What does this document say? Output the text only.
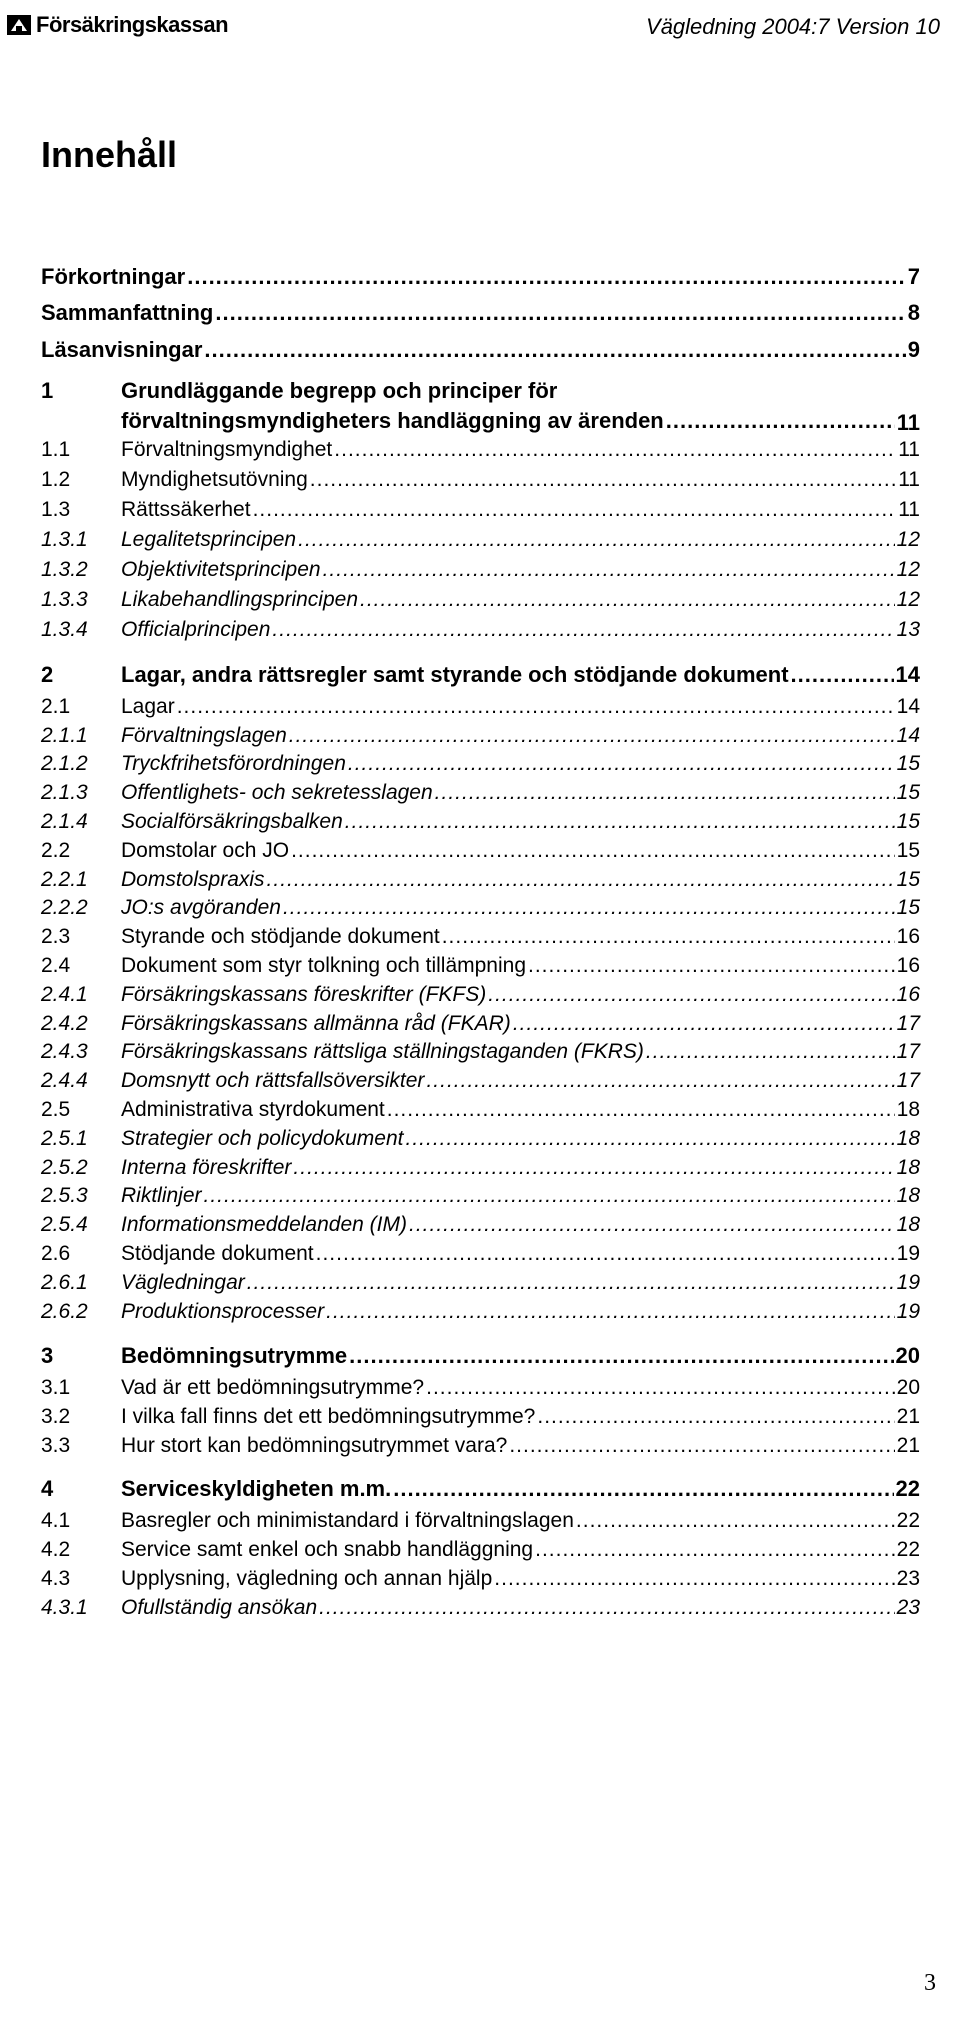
Försäkringskassan	Vägledning 2004:7 Version 10
Innehåll
Förkortningar .....	7
Sammanfattning .....	8
Läsanvisningar .....	9
1	Grundläggande begrepp och principer för
förvaltningsmyndigheters handläggning av ärenden .....	11
1.1	Förvaltningsmyndighet .....	11
1.2	Myndighetsutövning .....	11
1.3	Rättssäkerhet .....	11
1.3.1	Legalitetsprincipen .....	12
1.3.2	Objektivitetsprincipen .....	12
1.3.3	Likabehandlingsprincipen .....	12
1.3.4	Officialprincipen .....	13
2	Lagar, andra rättsregler samt styrande och stödjande dokument .....	14
2.1	Lagar .....	14
2.1.1	Förvaltningslagen .....	14
2.1.2	Tryckfrihetsförordningen .....	15
2.1.3	Offentlighets- och sekretesslagen .....	15
2.1.4	Socialförsäkringsbalken .....	15
2.2	Domstolar och JO .....	15
2.2.1	Domstolspraxis .....	15
2.2.2	JO:s avgöranden .....	15
2.3	Styrande och stödjande dokument .....	16
2.4	Dokument som styr tolkning och tillämpning .....	16
2.4.1	Försäkringskassans föreskrifter (FKFS) .....	16
2.4.2	Försäkringskassans allmänna råd (FKAR) .....	17
2.4.3	Försäkringskassans rättsliga ställningstaganden (FKRS) .....	17
2.4.4	Domsnytt och rättsfallsöversikter .....	17
2.5	Administrativa styrdokument .....	18
2.5.1	Strategier och policydokument .....	18
2.5.2	Interna föreskrifter .....	18
2.5.3	Riktlinjer .....	18
2.5.4	Informationsmeddelanden (IM) .....	18
2.6	Stödjande dokument .....	19
2.6.1	Vägledningar .....	19
2.6.2	Produktionsprocesser .....	19
3	Bedömningsutrymme .....	20
3.1	Vad är ett bedömningsutrymme? .....	20
3.2	I vilka fall finns det ett bedömningsutrymme? .....	21
3.3	Hur stort kan bedömningsutrymmet vara? .....	21
4	Serviceskyldigheten m.m. .....	22
4.1	Basregler och minimistandard i förvaltningslagen .....	22
4.2	Service samt enkel och snabb handläggning .....	22
4.3	Upplysning, vägledning och annan hjälp .....	23
4.3.1	Ofullständig ansökan .....	23
3
